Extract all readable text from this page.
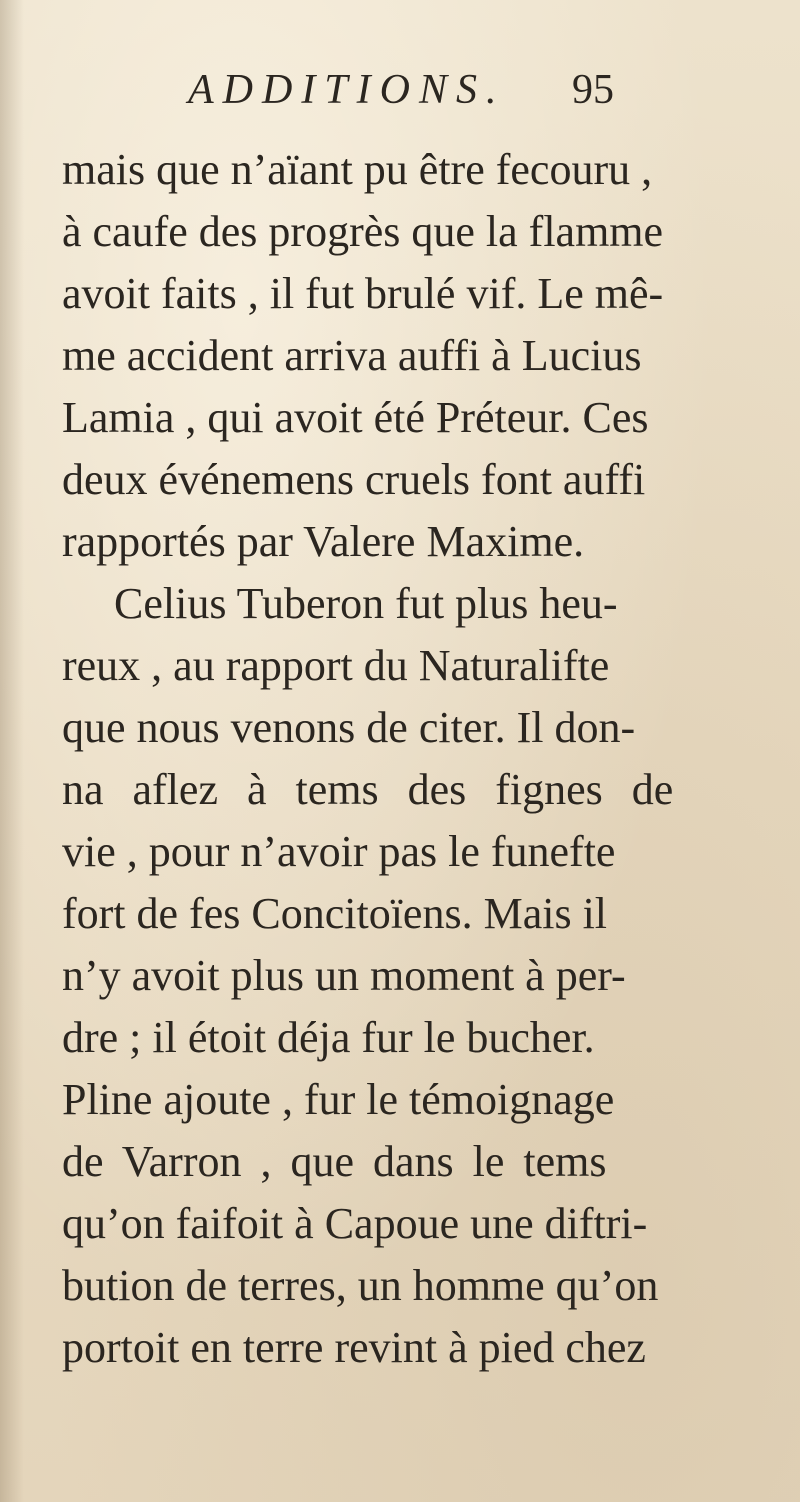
ADDITIONS. 95
mais que n’aïant pu être fecouru ,
à caufe des progrès que la flamme
avoit faits , il fut brulé vif. Le mê-
me accident arriva auffi à Lucius
Lamia , qui avoit été Préteur. Ces
deux événemens cruels font auffi
rapportés par Valere Maxime.
Celius Tuberon fut plus heu-
reux , au rapport du Naturalifte
que nous venons de citer. Il don-
na aflez à tems des fignes de
vie , pour n’avoir pas le funefte
fort de fes Concitoïens. Mais il
n’y avoit plus un moment à per-
dre ; il étoit déja fur le bucher.
Pline ajoute , fur le témoignage
de Varron , que dans le tems
qu’on faifoit à Capoue une diftri-
bution de terres, un homme qu’on
portoit en terre revint à pied chez
